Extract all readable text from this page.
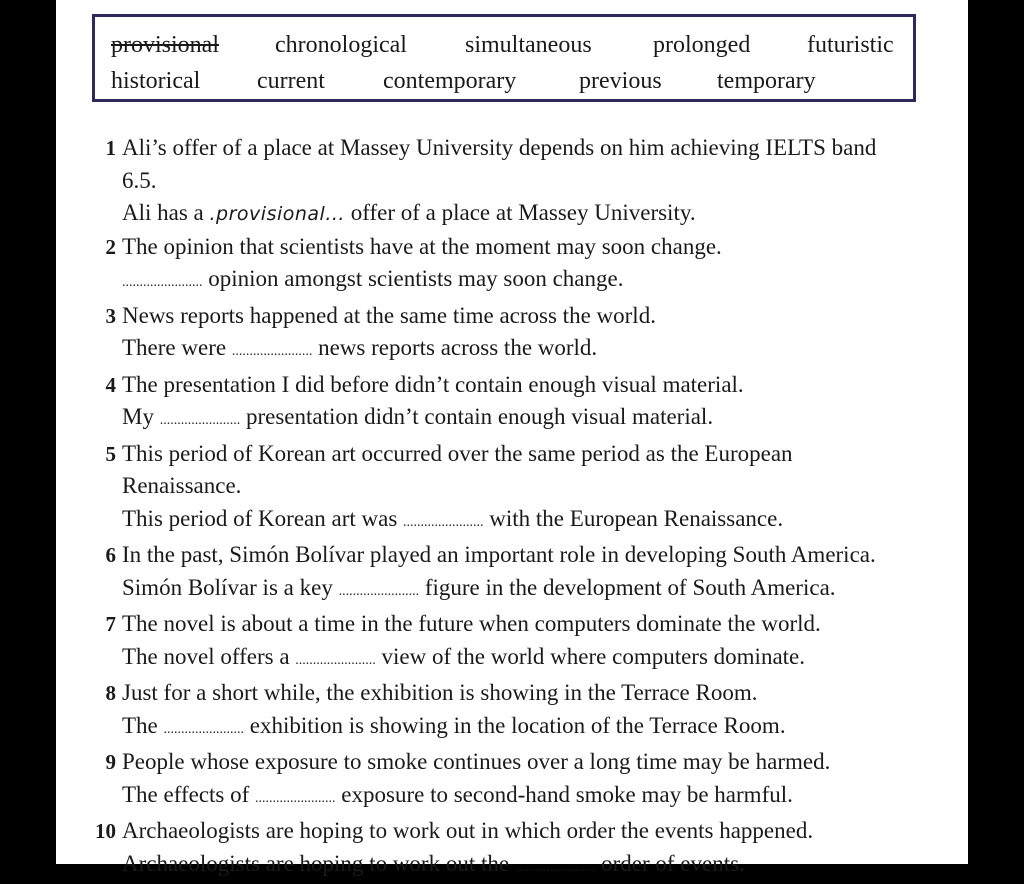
provisional chronological simultaneous	prolonged futuristic
historical current contemporary	previous temporary
1 Ali’s offer of a place at Massey University depends on him achieving IELTS band
6.5.
Ali has a .provisional... offer of a place at Massey University.
2 The opinion that scientists have at the moment may soon change.
....................... opinion amongst scientists may soon change.
3 News reports happened at the same time across the world.
There were ....................... news reports across the world.
4 The presentation I did before didn’t contain enough visual material.
My ....................... presentation didn’t contain enough visual material.
5 This period of Korean art occurred over the same period as the European
Renaissance.
This period of Korean art was ....................... with the European Renaissance.
6 In the past, Simón Bolívar played an important role in developing South America.
Simón Bolívar is a key ....................... figure in the development of South America.
7 The novel is about a time in the future when computers dominate the world.
The novel offers a ....................... view of the world where computers dominate.
8 Just for a short while, the exhibition is showing in the Terrace Room.
The ....................... exhibition is showing in the location of the Terrace Room.
9 People whose exposure to smoke continues over a long time may be harmed.
The effects of ....................... exposure to second-hand smoke may be harmful.
10 Archaeologists are hoping to work out in which order the events happened.
Archaeologists are hoping to work out the ....................... order of events.
